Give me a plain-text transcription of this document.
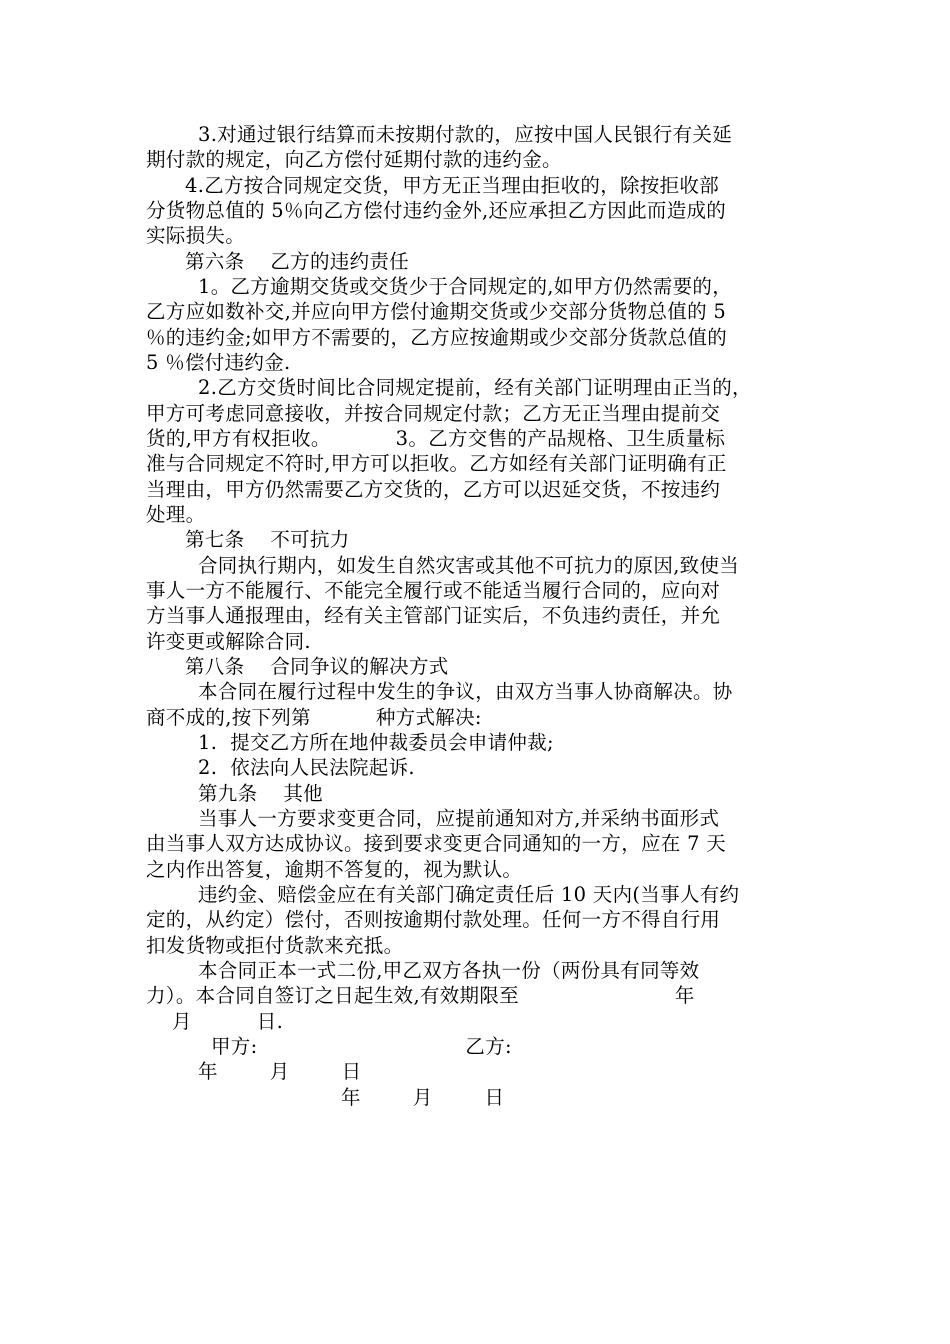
3.对通过银行结算而未按期付款的，应按中国人民银行有关延
期付款的规定，向乙方偿付延期付款的违约金。
4.乙方按合同规定交货，甲方无正当理由拒收的，除按拒收部
分货物总值的 5％向乙方偿付违约金外,还应承担乙方因此而造成的
实际损失。
第六条    乙方的违约责任
1。乙方逾期交货或交货少于合同规定的,如甲方仍然需要的，
乙方应如数补交,并应向甲方偿付逾期交货或少交部分货物总值的 5
％的违约金;如甲方不需要的，乙方应按逾期或少交部分货款总值的
5 ％偿付违约金.
2.乙方交货时间比合同规定提前，经有关部门证明理由正当的，
甲方可考虑同意接收，并按合同规定付款；乙方无正当理由提前交
货的,甲方有权拒收。          3。乙方交售的产品规格、卫生质量标
准与合同规定不符时,甲方可以拒收。乙方如经有关部门证明确有正
当理由，甲方仍然需要乙方交货的，乙方可以迟延交货，不按违约
处理。
第七条    不可抗力
合同执行期内，如发生自然灾害或其他不可抗力的原因,致使当
事人一方不能履行、不能完全履行或不能适当履行合同的，应向对
方当事人通报理由，经有关主管部门证实后，不负违约责任，并允
许变更或解除合同.
第八条    合同争议的解决方式
本合同在履行过程中发生的争议，由双方当事人协商解决。协
商不成的,按下列第          种方式解决:
1.  提交乙方所在地仲裁委员会申请仲裁;
2.  依法向人民法院起诉.
第九条    其他
当事人一方要求变更合同，应提前通知对方,并采纳书面形式
由当事人双方达成协议。接到要求变更合同通知的一方，应在 7 天
之内作出答复，逾期不答复的，视为默认。
违约金、赔偿金应在有关部门确定责任后 10 天内(当事人有约
定的，从约定）偿付，否则按逾期付款处理。任何一方不得自行用
扣发货物或拒付货款来充抵。
本合同正本一式二份,甲乙双方各执一份（两份具有同等效
力）。本合同自签订之日起生效,有效期限至                        年
月          日.
甲方:                                乙方:
年        月        日
年        月        日
